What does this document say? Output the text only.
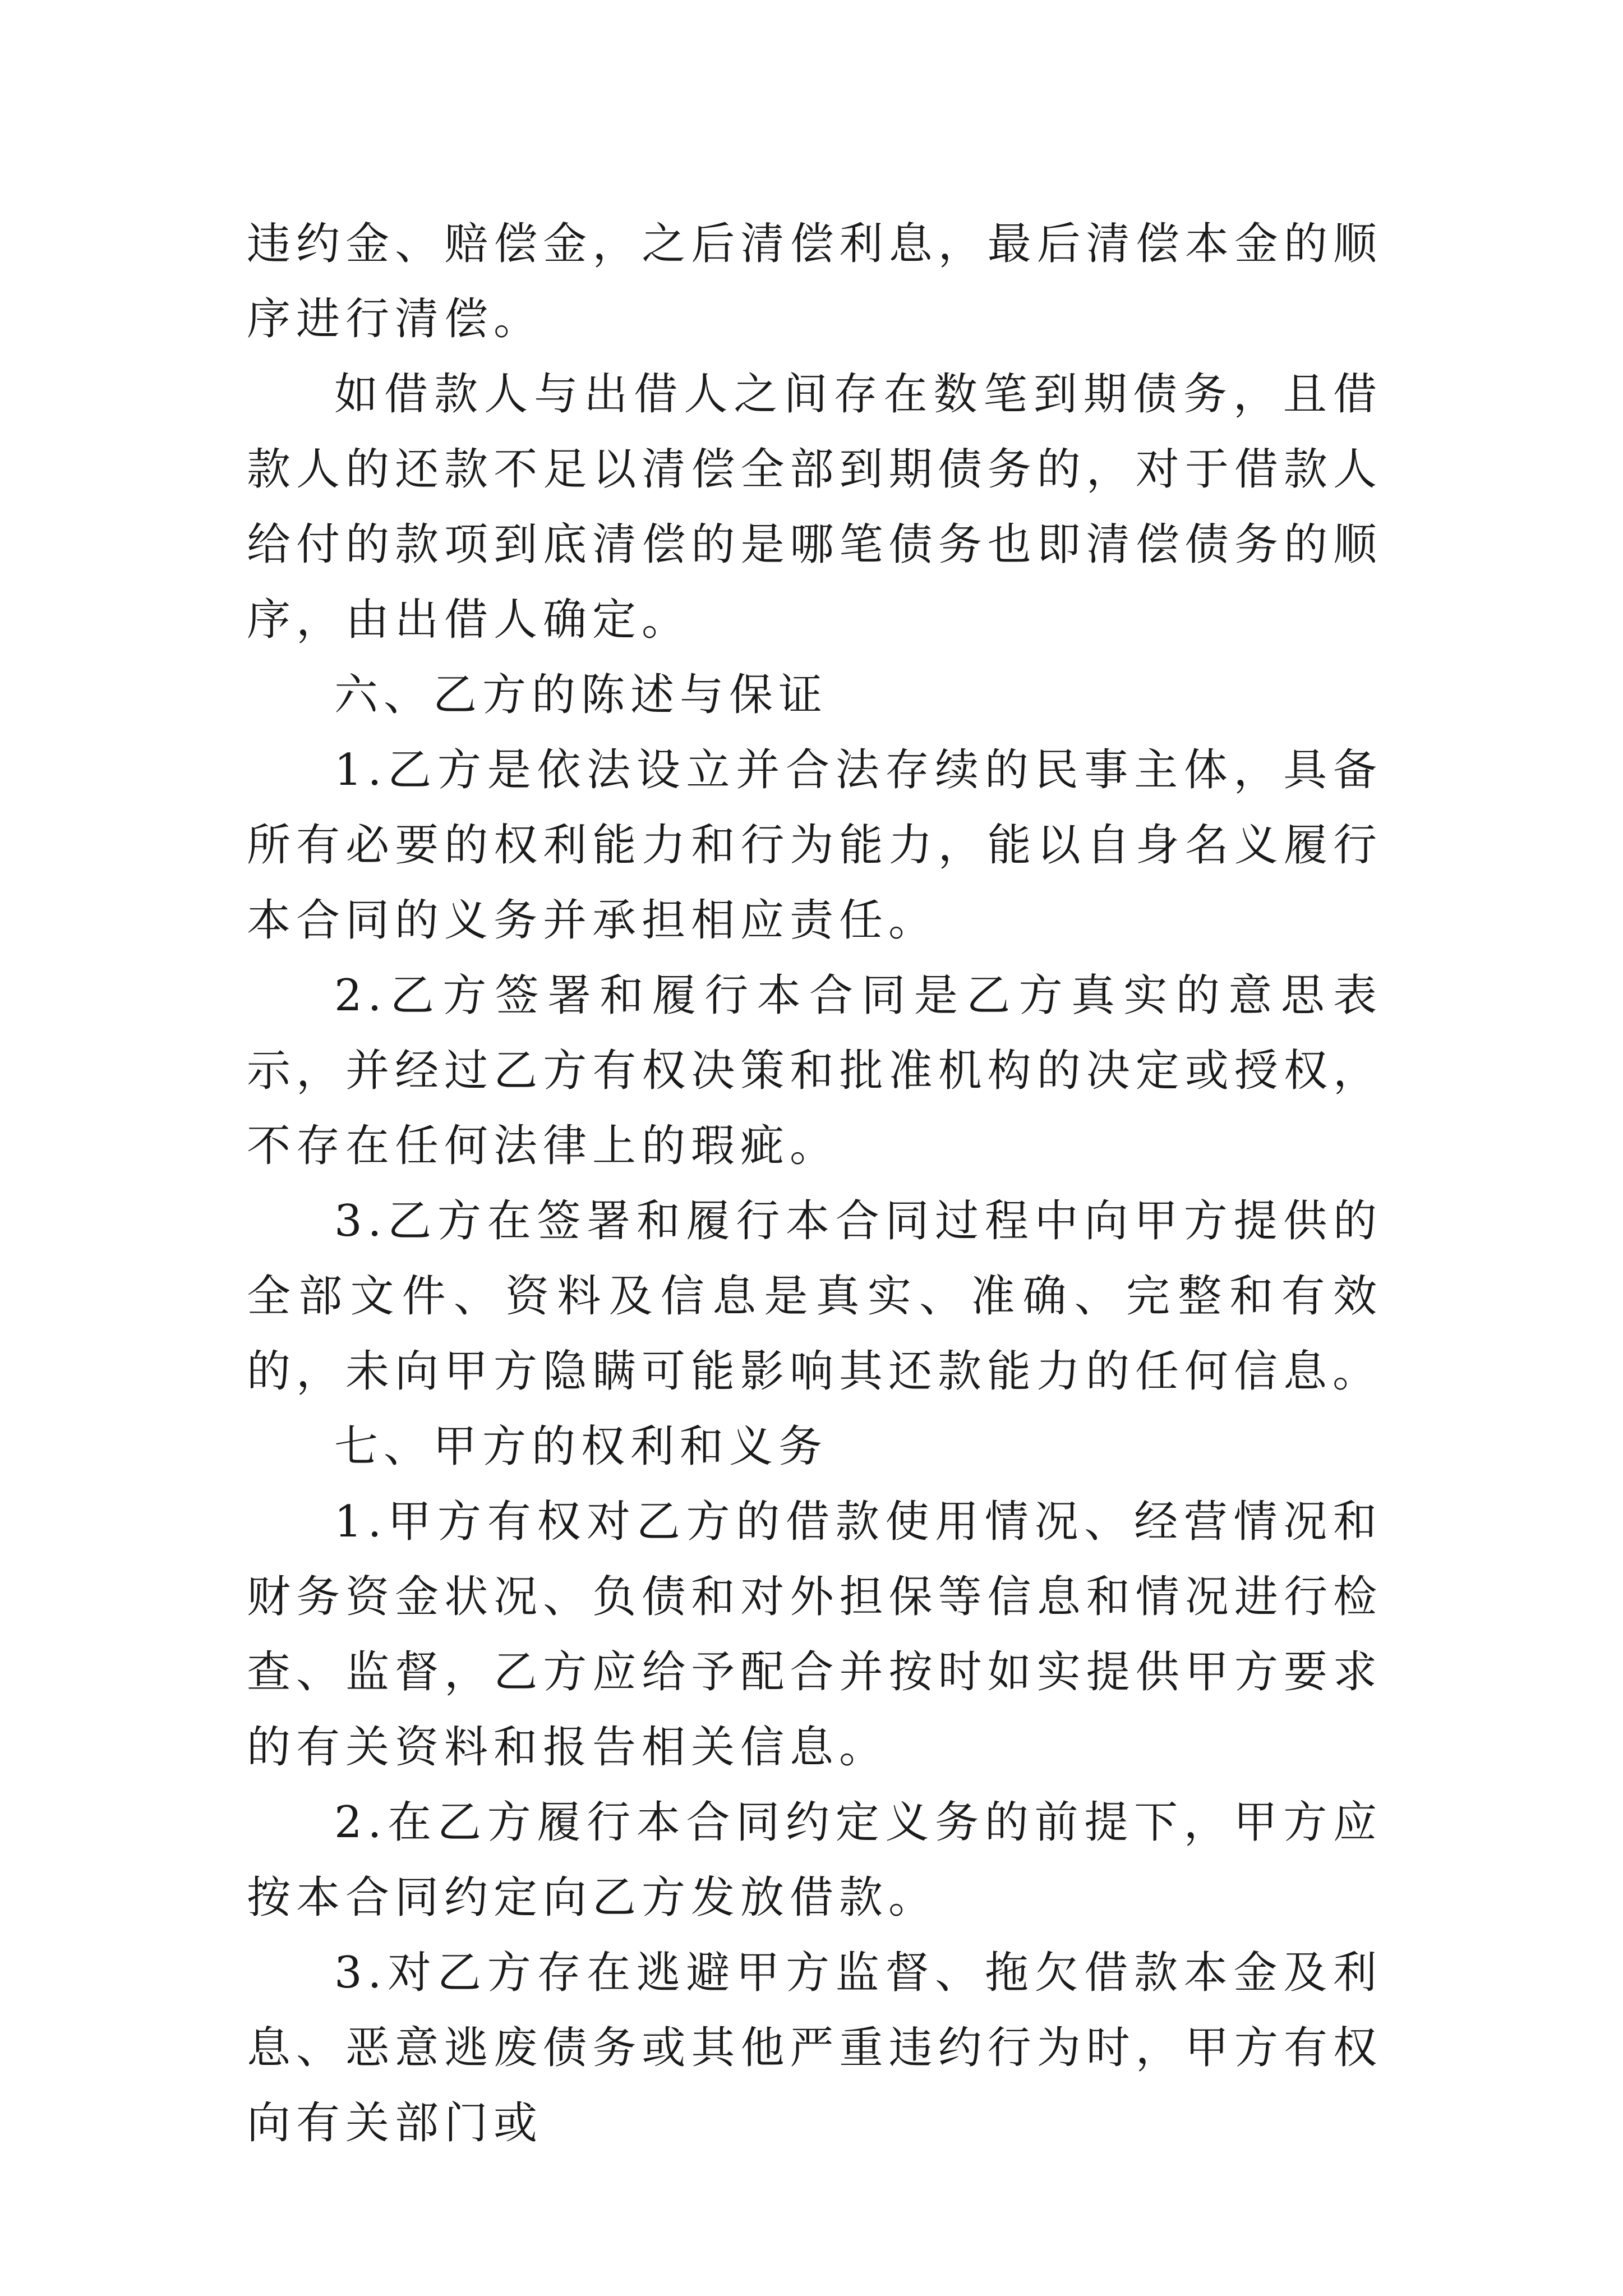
违约金、赔偿金，之后清偿利息，最后清偿本金的顺序进行清偿。

如借款人与出借人之间存在数笔到期债务，且借款人的还款不足以清偿全部到期债务的，对于借款人给付的款项到底清偿的是哪笔债务也即清偿债务的顺序，由出借人确定。

六、乙方的陈述与保证

1.乙方是依法设立并合法存续的民事主体，具备所有必要的权利能力和行为能力，能以自身名义履行本合同的义务并承担相应责任。

2.乙方签署和履行本合同是乙方真实的意思表示，并经过乙方有权决策和批准机构的决定或授权，不存在任何法律上的瑕疵。

3.乙方在签署和履行本合同过程中向甲方提供的全部文件、资料及信息是真实、准确、完整和有效的，未向甲方隐瞒可能影响其还款能力的任何信息。

七、甲方的权利和义务

1.甲方有权对乙方的借款使用情况、经营情况和财务资金状况、负债和对外担保等信息和情况进行检查、监督，乙方应给予配合并按时如实提供甲方要求的有关资料和报告相关信息。

2.在乙方履行本合同约定义务的前提下，甲方应按本合同约定向乙方发放借款。

3.对乙方存在逃避甲方监督、拖欠借款本金及利息、恶意逃废债务或其他严重违约行为时，甲方有权向有关部门或
